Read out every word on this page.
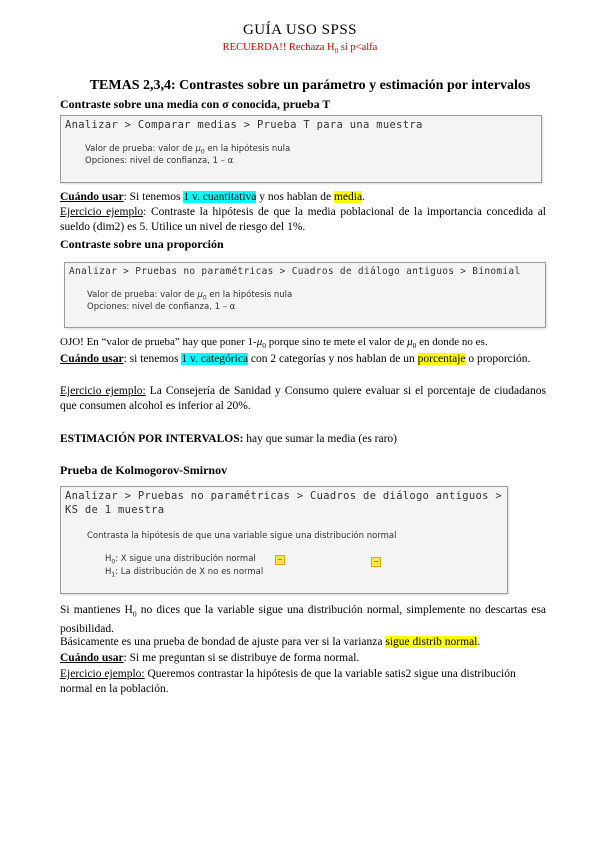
GUÍA USO SPSS
RECUERDA!! Rechaza $H_0$ si p<alfa
TEMAS 2,3,4: Contrastes sobre un parámetro y estimación por intervalos
Contraste sobre una media con σ conocida, prueba T
Analizar > Comparar medias > Prueba T para una muestra
Valor de prueba: valor de $\mu_0$ en la hipótesis nula
Opciones: nivel de confianza, 1 – α
Cuándo usar: Si tenemos 1 v. cuantitativa y nos hablan de media.
Ejercicio ejemplo: Contraste la hipótesis de que la media poblacional de la importancia concedida al sueldo (dim2) es 5. Utilice un nivel de riesgo del 1%.
Contraste sobre una proporción
Analizar > Pruebas no paramétricas > Cuadros de diálogo antiguos > Binomial
Valor de prueba: valor de $\mu_0$ en la hipótesis nula
Opciones: nivel de confianza, 1 – α
OJO! En “valor de prueba” hay que poner $1-\mu_0$ porque sino te mete el valor de $\mu_0$ en donde no es.
Cuándo usar: si tenemos 1 v. categórica con 2 categorías y nos hablan de un porcentaje o proporción.
Ejercicio ejemplo: La Consejería de Sanidad y Consumo quiere evaluar si el porcentaje de ciudadanos que consumen alcohol es inferior al 20%.
ESTIMACIÓN POR INTERVALOS: hay que sumar la media (es raro)
Prueba de Kolmogorov-Smirnov
Analizar > Pruebas no paramétricas > Cuadros de diálogo antiguos >
KS de 1 muestra
Contrasta la hipótesis de que una variable sigue una distribución normal
$H_0$: X sigue una distribución normal
$H_1$: La distribución de X no es normal
Si mantienes $H_0$ no dices que la variable sigue una distribución normal, simplemente no descartas esa posibilidad.
Básicamente es una prueba de bondad de ajuste para ver si la varianza sigue distrib normal.
Cuándo usar: Si me preguntan si se distribuye de forma normal.
Ejercicio ejemplo: Queremos contrastar la hipótesis de que la variable satis2 sigue una distribución normal en la población.
